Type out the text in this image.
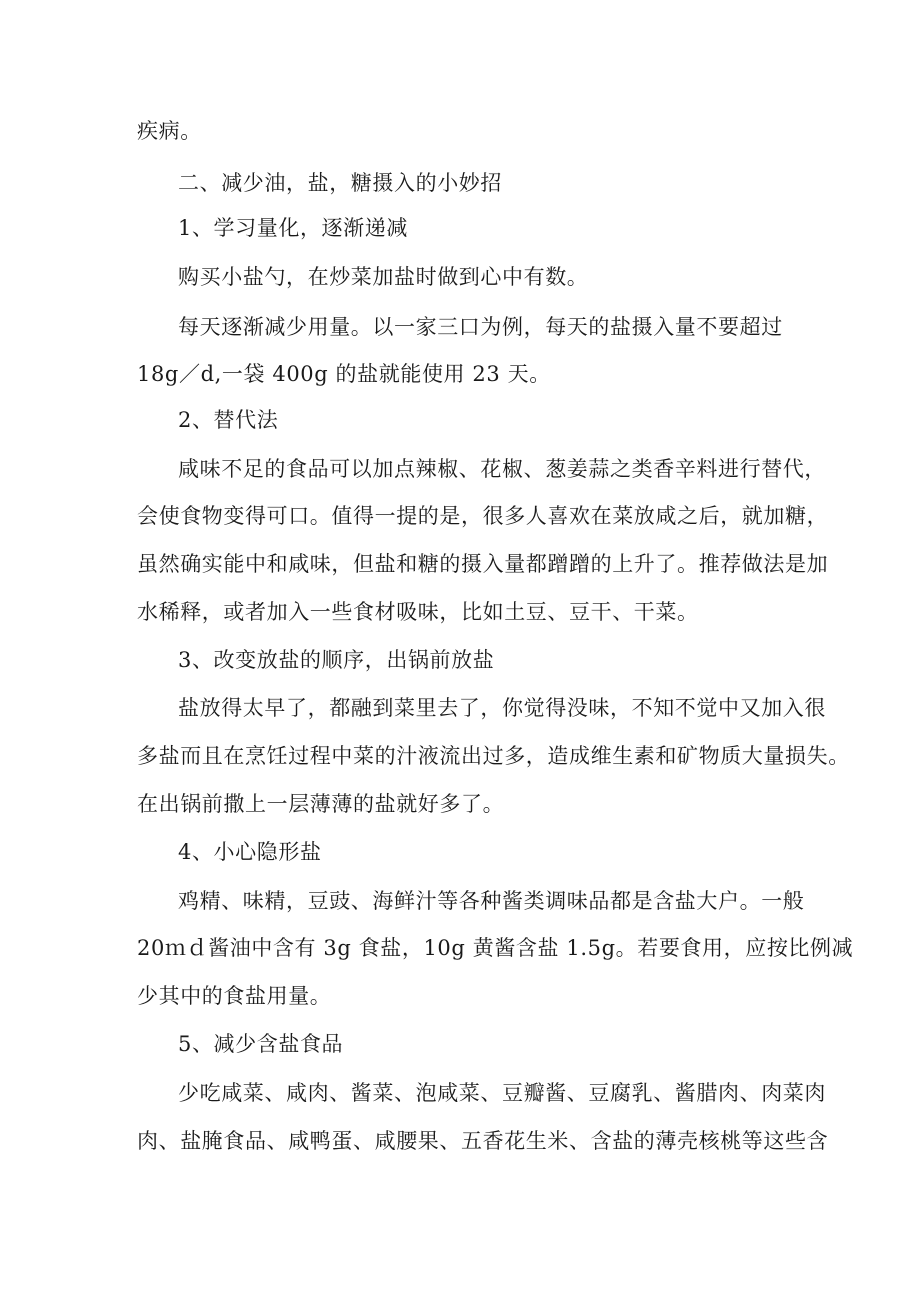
疾病。
二、减少油，盐，糖摄入的小妙招
1、学习量化，逐渐递减
购买小盐勺，在炒菜加盐时做到心中有数。
每天逐渐减少用量。以一家三口为例，每天的盐摄入量不要超过
18g／d,一袋 400g 的盐就能使用 23 天。
2、替代法
咸味不足的食品可以加点辣椒、花椒、葱姜蒜之类香辛料进行替代，
会使食物变得可口。值得一提的是，很多人喜欢在菜放咸之后，就加糖，
虽然确实能中和咸味，但盐和糖的摄入量都蹭蹭的上升了。推荐做法是加
水稀释，或者加入一些食材吸味，比如土豆、豆干、干菜。
3、改变放盐的顺序，出锅前放盐
盐放得太早了，都融到菜里去了，你觉得没味，不知不觉中又加入很
多盐而且在烹饪过程中菜的汁液流出过多，造成维生素和矿物质大量损失。
在出锅前撒上一层薄薄的盐就好多了。
4、小心隐形盐
鸡精、味精，豆豉、海鲜汁等各种酱类调味品都是含盐大户。一般
20ｍｄ酱油中含有 3g 食盐，10g 黄酱含盐 1.5g。若要食用，应按比例减
少其中的食盐用量。
5、减少含盐食品
少吃咸菜、咸肉、酱菜、泡咸菜、豆瓣酱、豆腐乳、酱腊肉、肉菜肉
肉、盐腌食品、咸鸭蛋、咸腰果、五香花生米、含盐的薄壳核桃等这些含
